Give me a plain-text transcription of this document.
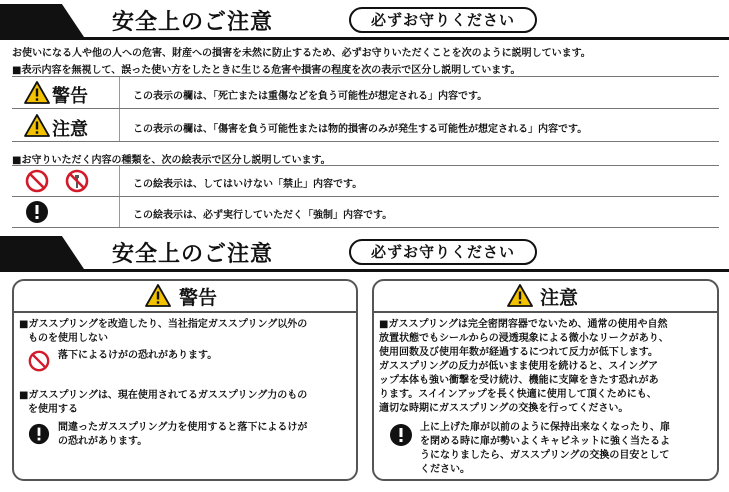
安全上のご注意	必ずお守りください
お使いになる人や他の人への危害、財産への損害を未然に防止するため、必ずお守りいただくことを次のように説明しています。
■表示内容を無視して、誤った使い方をしたときに生じる危害や損害の程度を次の表示で区分し説明しています。
警告	この表示の欄は、「死亡または重傷などを負う可能性が想定される」内容です。
注意	この表示の欄は、「傷害を負う可能性または物的損害のみが発生する可能性が想定される」内容です。
■お守りいただく内容の種類を、次の絵表示で区分し説明しています。
この絵表示は、してはいけない「禁止」内容です。
この絵表示は、必ず実行していただく「強制」内容です。
安全上のご注意	必ずお守りください
警告
■ガススプリングを改造したり、当社指定ガススプリング以外の
ものを使用しない
落下によるけがの恐れがあります。
■ガススプリングは、現在使用されてるガススプリング力のもの
を使用する
間違ったガススプリング力を使用すると落下によるけが
の恐れがあります。
注意
■ガススプリングは完全密閉容器でないため、通常の使用や自然
放置状態でもシールからの浸透現象による微小なリークがあり、
使用回数及び使用年数が経過するにつれて反力が低下します。
ガススプリングの反力が低いまま使用を続けると、スイングア
ップ本体も強い衝撃を受け続け、機能に支障をきたす恐れがあ
ります。スイインアップを長く快適に使用して頂くためにも、
適切な時期にガススプリングの交換を行ってください。
上に上げた扉が以前のように保持出来なくなったり、扉
を閉める時に扉が勢いよくキャビネットに強く当たるよ
うになりましたら、ガススプリングの交換の目安として
ください。
